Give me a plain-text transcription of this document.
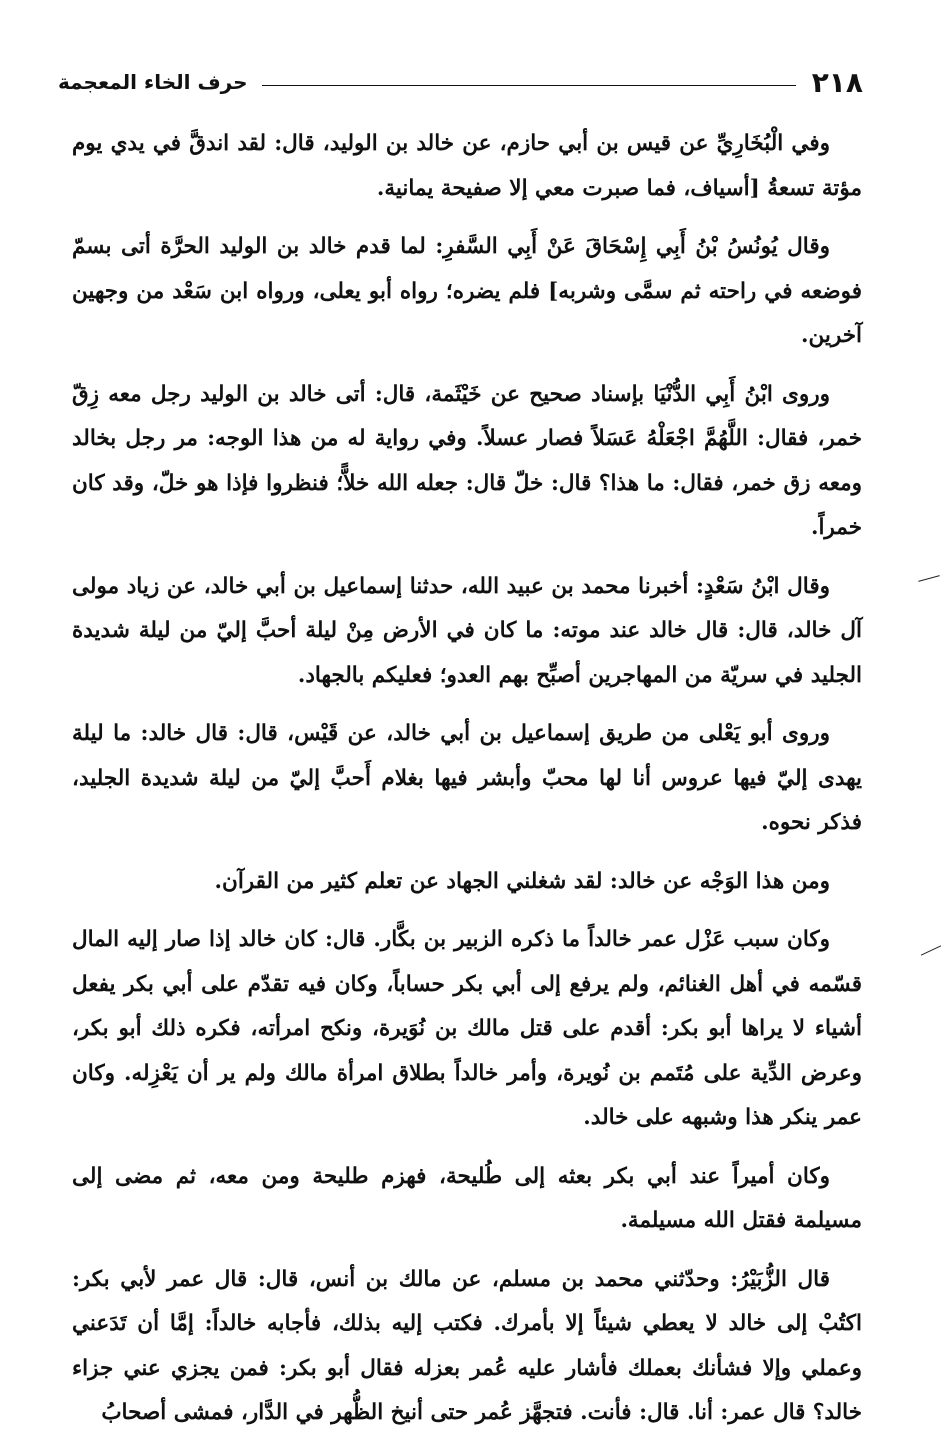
٢١٨
حرف الخاء المعجمة

وفي الْبُخَارِيِّ عن قيس بن أبي حازم، عن خالد بن الوليد، قال: لقد اندقَّ في يدي يوم مؤتة تسعةُ [أسياف، فما صبرت معي إلا صفيحة يمانية.

وقال يُونُسُ بْنُ أَبِي إِسْحَاقَ عَنْ أَبِي السَّفرِ: لما قدم خالد بن الوليد الحرَّة أتى بسمّ فوضعه في راحته ثم سمَّى وشربه] فلم يضره؛ رواه أبو يعلى، ورواه ابن سَعْد من وجهين آخرين.

وروى ابْنُ أَبِي الدُّنْيَا بإسناد صحيح عن خَيْثَمة، قال: أتى خالد بن الوليد رجل معه زِقّ خمر، فقال: اللَّهُمَّ اجْعَلْهُ عَسَلاً فصار عسلاً. وفي رواية له من هذا الوجه: مر رجل بخالد ومعه زق خمر، فقال: ما هذا؟ قال: خلّ قال: جعله الله خلاًّ؛ فنظروا فإذا هو خلّ، وقد كان خمراً.

وقال ابْنُ سَعْدٍ: أخبرنا محمد بن عبيد الله، حدثنا إسماعيل بن أبي خالد، عن زياد مولى آل خالد، قال: قال خالد عند موته: ما كان في الأرض مِنْ ليلة أحبَّ إليّ من ليلة شديدة الجليد في سريّة من المهاجرين أصبِّح بهم العدو؛ فعليكم بالجهاد.

وروى أبو يَعْلى من طريق إسماعيل بن أبي خالد، عن قَيْس، قال: قال خالد: ما ليلة يهدى إليّ فيها عروس أنا لها محبّ وأبشر فيها بغلام أَحبَّ إليّ من ليلة شديدة الجليد، فذكر نحوه.

ومن هذا الوَجْه عن خالد: لقد شغلني الجهاد عن تعلم كثير من القرآن.

وكان سبب عَزْل عمر خالداً ما ذكره الزبير بن بكَّار. قال: كان خالد إذا صار إليه المال قسّمه في أهل الغنائم، ولم يرفع إلى أبي بكر حساباً، وكان فيه تقدّم على أبي بكر يفعل أشياء لا يراها أبو بكر: أقدم على قتل مالك بن نُوَيرة، ونكح امرأته، فكره ذلك أبو بكر، وعرض الدِّية على مُتَمم بن نُويرة، وأمر خالداً بطلاق امرأة مالك ولم ير أن يَعْزِله. وكان عمر ينكر هذا وشبهه على خالد.

وكان أميراً عند أبي بكر بعثه إلى طُليحة، فهزم طليحة ومن معه، ثم مضى إلى مسيلمة فقتل الله مسيلمة.

قال الزُّبَيْرُ: وحدّثني محمد بن مسلم، عن مالك بن أنس، قال: قال عمر لأبي بكر: اكتُبْ إلى خالد لا يعطي شيئاً إلا بأمرك. فكتب إليه بذلك، فأجابه خالداً: إمَّا أن تَدَعني وعملي وإلا فشأنك بعملك فأشار عليه عُمر بعزله فقال أبو بكر: فمن يجزي عني جزاء خالد؟ قال عمر: أنا. قال: فأنت. فتجهَّز عُمر حتى أنيخ الظُّهر في الدَّار، فمشى أصحابُ
